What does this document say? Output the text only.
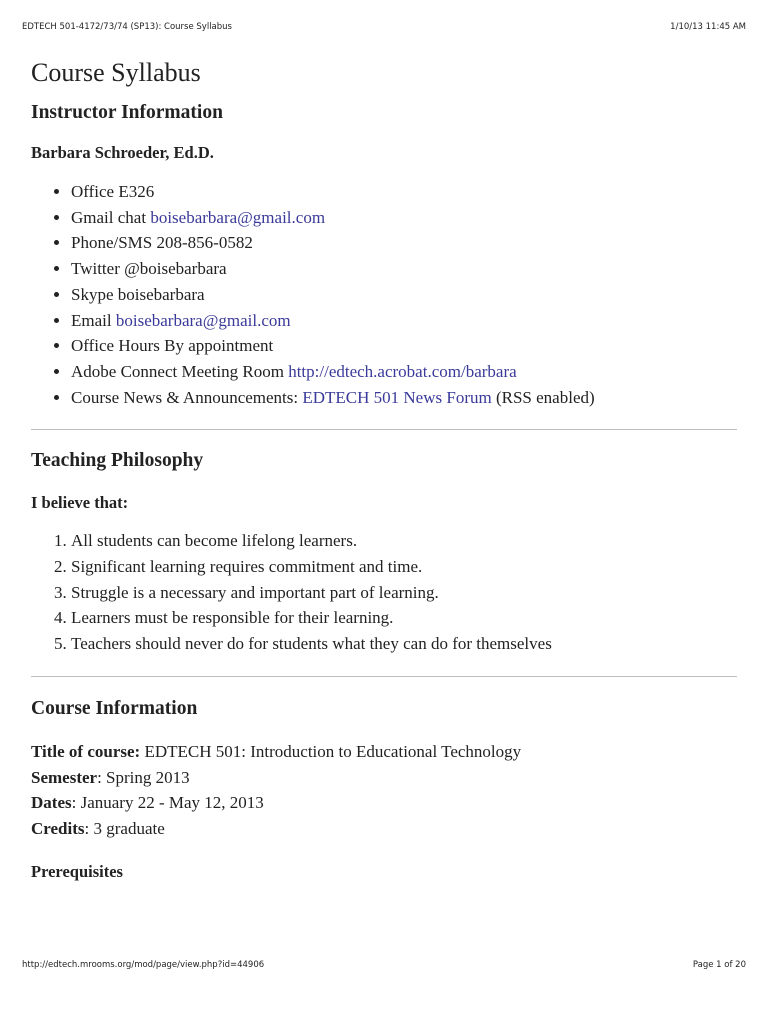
EDTECH 501-4172/73/74 (SP13): Course Syllabus	1/10/13 11:45 AM
Course Syllabus
Instructor Information
Barbara Schroeder, Ed.D.
• Office E326
• Gmail chat boisebarbara@gmail.com
• Phone/SMS 208-856-0582
• Twitter @boisebarbara
• Skype boisebarbara
• Email boisebarbara@gmail.com
• Office Hours By appointment
• Adobe Connect Meeting Room http://edtech.acrobat.com/barbara
• Course News & Announcements: EDTECH 501 News Forum (RSS enabled)
Teaching Philosophy
I believe that:
1. All students can become lifelong learners.
2. Significant learning requires commitment and time.
3. Struggle is a necessary and important part of learning.
4. Learners must be responsible for their learning.
5. Teachers should never do for students what they can do for themselves
Course Information
Title of course: EDTECH 501: Introduction to Educational Technology
Semester: Spring 2013
Dates: January 22 - May 12, 2013
Credits: 3 graduate
Prerequisites
http://edtech.mrooms.org/mod/page/view.php?id=44906	Page 1 of 20
